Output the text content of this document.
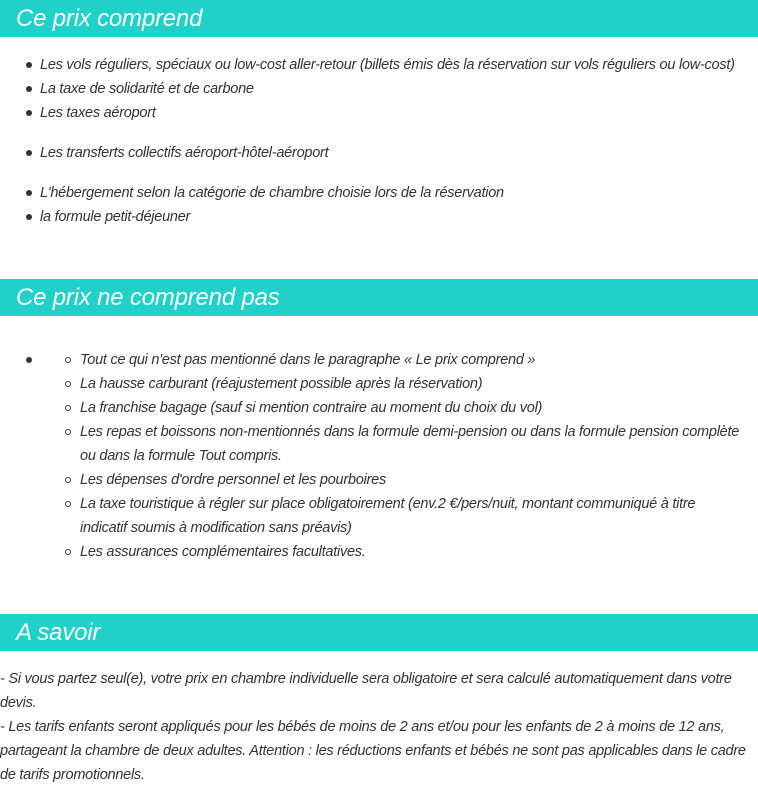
Ce prix comprend
Les vols réguliers, spéciaux ou low-cost aller-retour (billets émis dès la réservation sur vols réguliers ou low-cost)
La taxe de solidarité et de carbone
Les taxes aéroport
Les transferts collectifs aéroport-hôtel-aéroport
L'hébergement selon la catégorie de chambre choisie lors de la réservation
la formule petit-déjeuner
Ce prix ne comprend pas
Tout ce qui n'est pas mentionné dans le paragraphe « Le prix comprend »
La hausse carburant (réajustement possible après la réservation)
La franchise bagage (sauf si mention contraire au moment du choix du vol)
Les repas et boissons non-mentionnés dans la formule demi-pension ou dans la formule pension complète
ou dans la formule Tout compris.
Les dépenses d'ordre personnel et les pourboires
La taxe touristique à régler sur place obligatoirement (env.2 €/pers/nuit, montant communiqué à titre
indicatif soumis à modification sans préavis)
Les assurances complémentaires facultatives.
A savoir
- Si vous partez seul(e), votre prix en chambre individuelle sera obligatoire et sera calculé automatiquement dans votre devis.
- Les tarifs enfants seront appliqués pour les bébés de moins de 2 ans et/ou pour les enfants de 2 à moins de 12 ans, partageant la chambre de deux adultes. Attention : les réductions enfants et bébés ne sont pas applicables dans le cadre de tarifs promotionnels.
